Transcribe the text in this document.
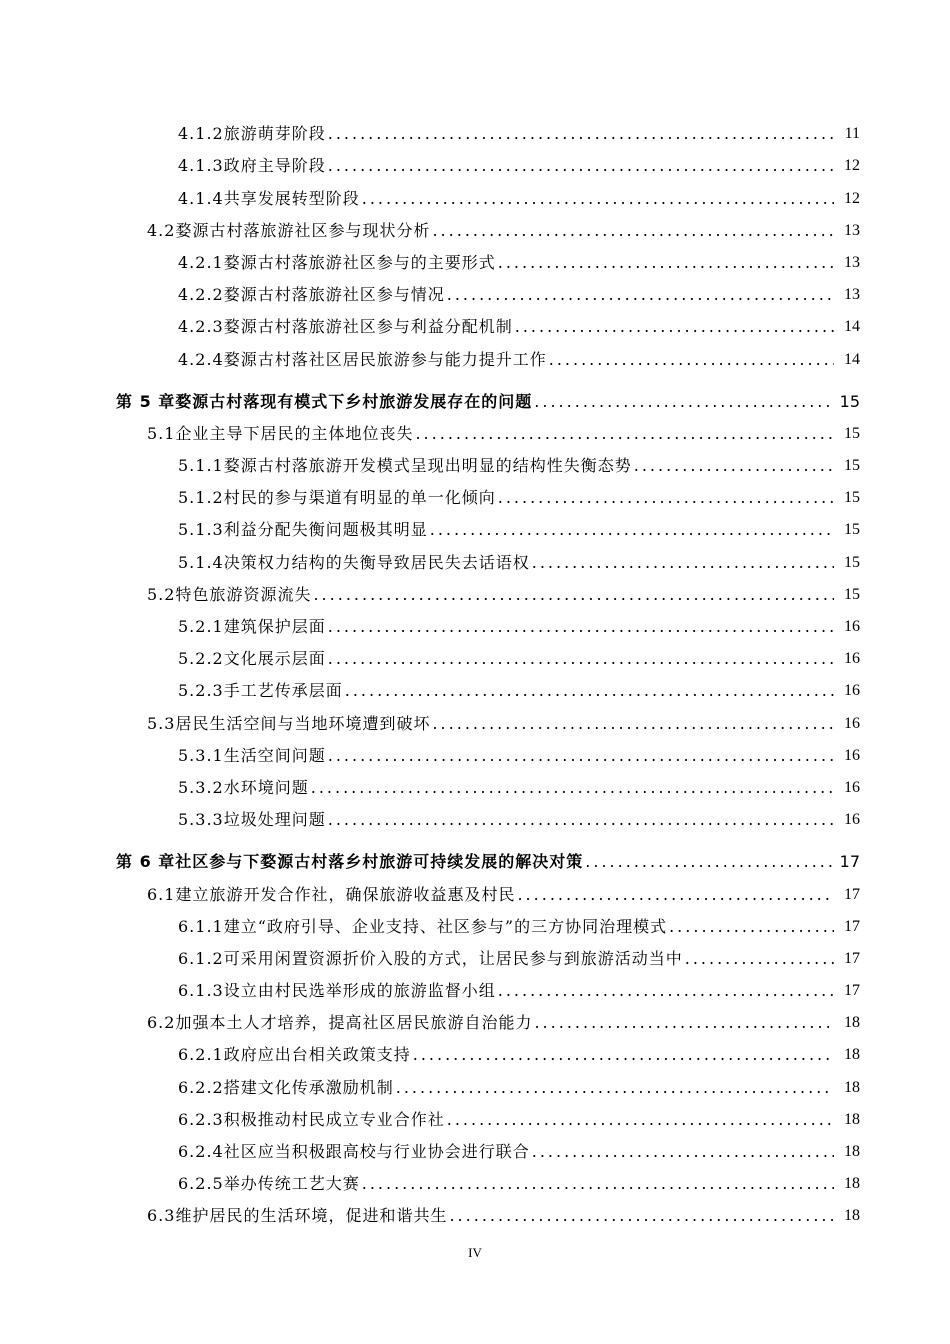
4.1.2 旅游萌芽阶段 .....	11
4.1.3 政府主导阶段 .....	12
4.1.4 共享发展转型阶段 .....	12
4.2 婺源古村落旅游社区参与现状分析 .....	13
4.2.1 婺源古村落旅游社区参与的主要形式 .....	13
4.2.2 婺源古村落旅游社区参与情况 .....	13
4.2.3 婺源古村落旅游社区参与利益分配机制 .....	14
4.2.4 婺源古村落社区居民旅游参与能力提升工作 .....	14
第 5 章 婺源古村落现有模式下乡村旅游发展存在的问题 .....	15
5.1 企业主导下居民的主体地位丧失 .....	15
5.1.1 婺源古村落旅游开发模式呈现出明显的结构性失衡态势 .....	15
5.1.2 村民的参与渠道有明显的单一化倾向 .....	15
5.1.3 利益分配失衡问题极其明显 .....	15
5.1.4 决策权力结构的失衡导致居民失去话语权 .....	15
5.2 特色旅游资源流失 .....	15
5.2.1 建筑保护层面 .....	16
5.2.2 文化展示层面 .....	16
5.2.3 手工艺传承层面 .....	16
5.3 居民生活空间与当地环境遭到破坏 .....	16
5.3.1 生活空间问题 .....	16
5.3.2 水环境问题 .....	16
5.3.3 垃圾处理问题 .....	16
第 6 章 社区参与下婺源古村落乡村旅游可持续发展的解决对策 .....	17
6.1 建立旅游开发合作社，确保旅游收益惠及村民 .....	17
6.1.1 建立“政府引导、企业支持、社区参与”的三方协同治理模式 .....	17
6.1.2 可采用闲置资源折价入股的方式，让居民参与到旅游活动当中 .....	17
6.1.3 设立由村民选举形成的旅游监督小组 .....	17
6.2 加强本土人才培养，提高社区居民旅游自治能力 .....	18
6.2.1 政府应出台相关政策支持 .....	18
6.2.2 搭建文化传承激励机制 .....	18
6.2.3 积极推动村民成立专业合作社 .....	18
6.2.4 社区应当积极跟高校与行业协会进行联合 .....	18
6.2.5 举办传统工艺大赛 .....	18
6.3 维护居民的生活环境，促进和谐共生 .....	18
IV
